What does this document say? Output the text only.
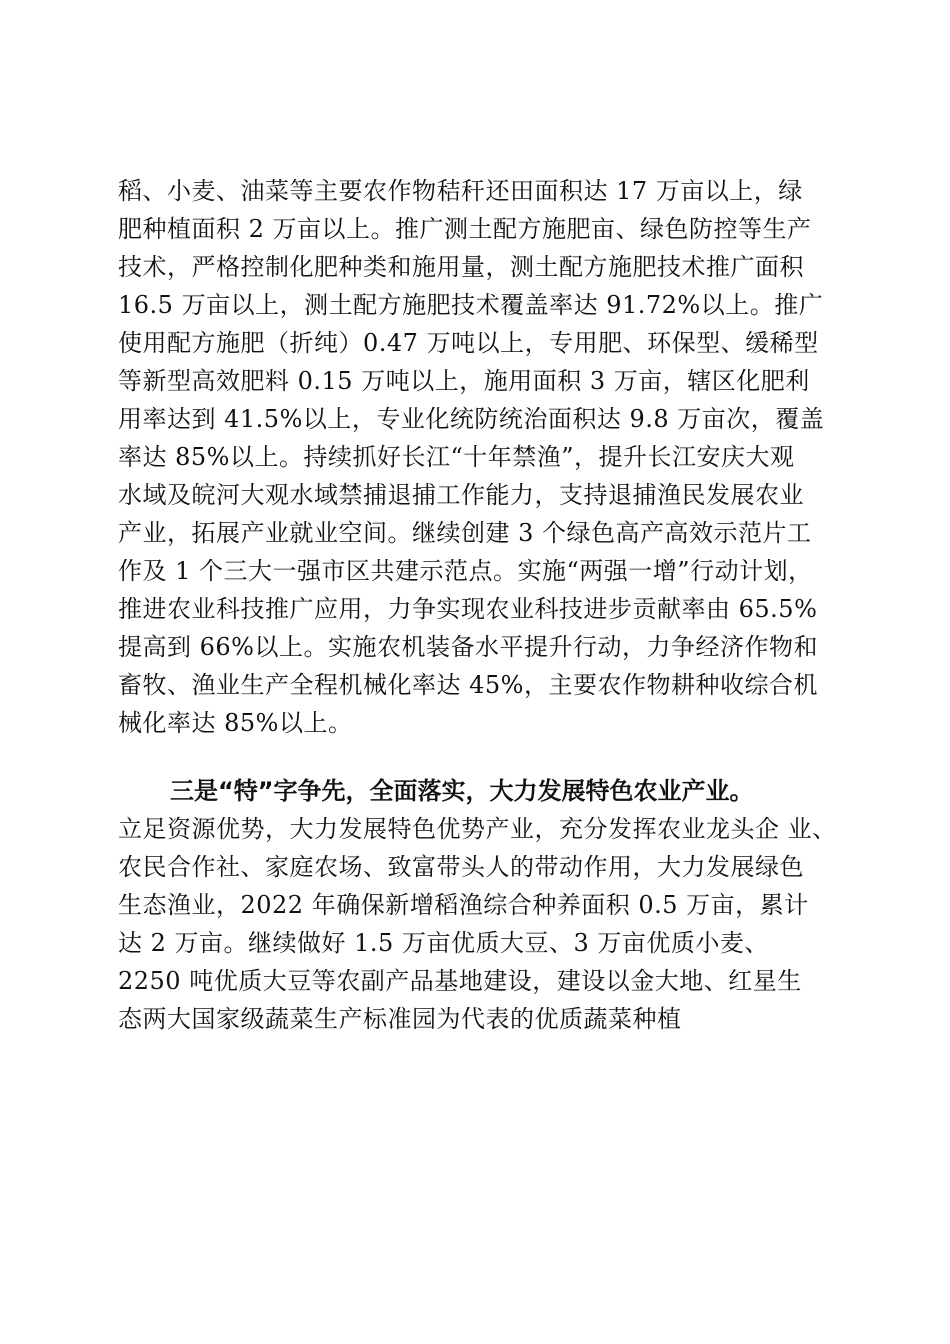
稻、小麦、油菜等主要农作物秸秆还田面积达 17 万亩以上，绿
肥种植面积 2 万亩以上。推广测土配方施肥亩、绿色防控等生产
技术，严格控制化肥种类和施用量，测土配方施肥技术推广面积
16.5 万亩以上，测土配方施肥技术覆盖率达 91.72%以上。推广
使用配方施肥（折纯）0.47 万吨以上，专用肥、环保型、缓稀型
等新型高效肥料 0.15 万吨以上，施用面积 3 万亩，辖区化肥利
用率达到 41.5%以上，专业化统防统治面积达 9.8 万亩次，覆盖
率达 85%以上。持续抓好长江“十年禁渔”，提升长江安庆大观
水域及皖河大观水域禁捕退捕工作能力，支持退捕渔民发展农业
产业，拓展产业就业空间。继续创建 3 个绿色高产高效示范片工
作及 1 个三大一强市区共建示范点。实施“两强一增”行动计划，
推进农业科技推广应用，力争实现农业科技进步贡献率由 65.5%
提高到 66%以上。实施农机装备水平提升行动，力争经济作物和
畜牧、渔业生产全程机械化率达 45%，主要农作物耕种收综合机
械化率达 85%以上。
三是“特”字争先，全面落实，大力发展特色农业产业。
立足资源优势，大力发展特色优势产业，充分发挥农业龙头企 业、
农民合作社、家庭农场、致富带头人的带动作用，大力发展绿色
生态渔业，2022 年确保新增稻渔综合种养面积 0.5 万亩，累计
达 2 万亩。继续做好 1.5 万亩优质大豆、3 万亩优质小麦、
2250 吨优质大豆等农副产品基地建设，建设以金大地、红星生
态两大国家级蔬菜生产标准园为代表的优质蔬菜种植
